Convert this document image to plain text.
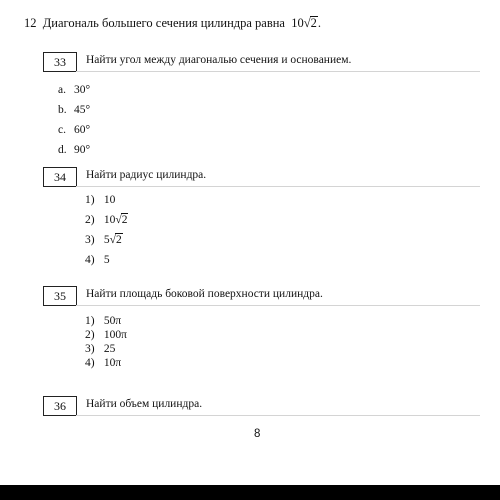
12 Диагональ большего сечения цилиндра равна 10√2.
33	Найти угол между диагональю сечения и основанием.
a. 30°
b. 45°
c. 60°
d. 90°
34	Найти радиус цилиндра.
1) 10
2) 10√2
3) 5√2
4) 5
35	Найти площадь боковой поверхности цилиндра.
1) 50π
2) 100π
3) 25
4) 10π
36	Найти объем цилиндра.
8
